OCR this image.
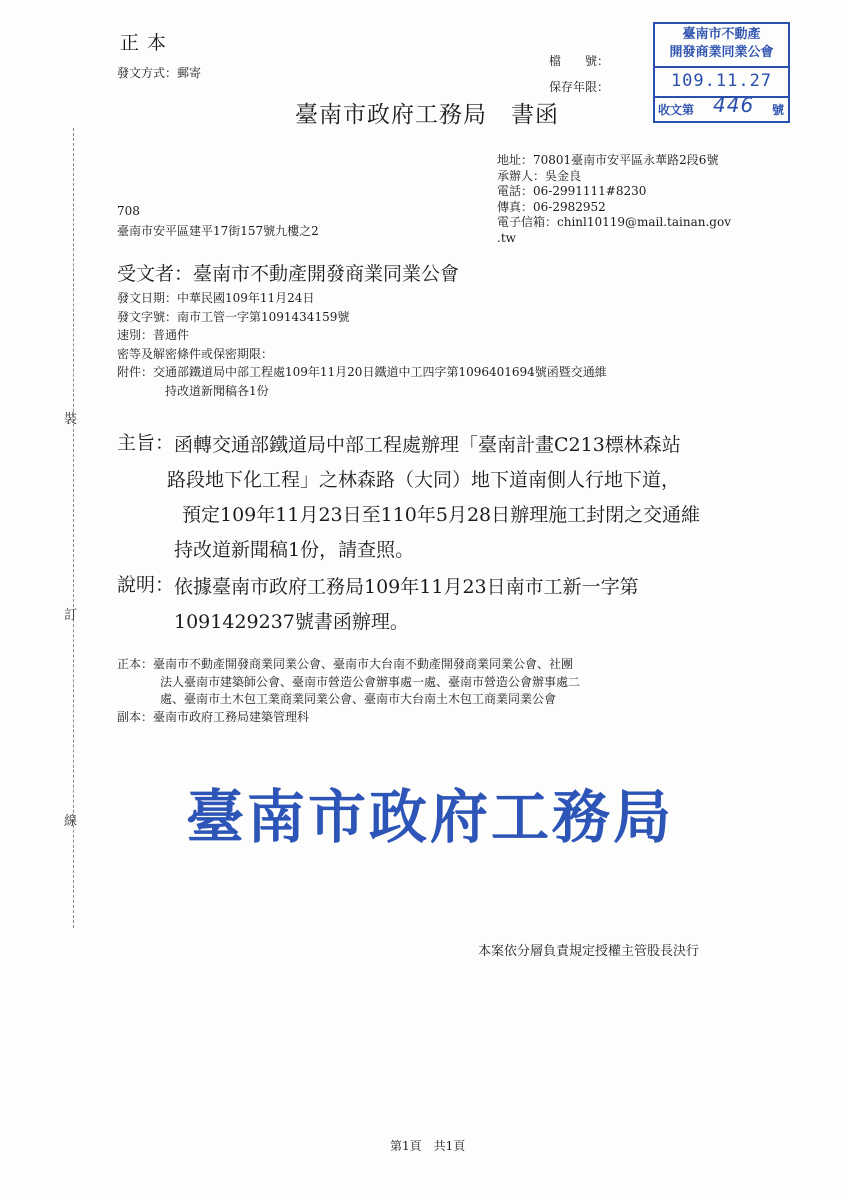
裝
訂
線
正 本
發文方式：郵寄
檔　　號：
保存年限：
臺南市不動產
開發商業同業公會
109.11.27
收文第 446 號
臺南市政府工務局　書函
地址：70801臺南市安平區永華路2段6號
承辦人：吳金良
電話：06-2991111#8230
傳真：06-2982952
電子信箱：chinl10119@mail.tainan.gov
.tw
708
臺南市安平區建平17街157號九樓之2
受文者：臺南市不動產開發商業同業公會
發文日期：中華民國109年11月24日
發文字號：南市工管一字第1091434159號
速別：普通件
密等及解密條件或保密期限：
附件：交通部鐵道局中部工程處109年11月20日鐵道中工四字第1096401694號函暨交通維
持改道新聞稿各1份
主旨： 函轉交通部鐵道局中部工程處辦理「臺南計畫C213標林森站
路段地下化工程」之林森路（大同）地下道南側人行地下道，
預定109年11月23日至110年5月28日辦理施工封閉之交通維
持改道新聞稿1份，請查照。
說明： 依據臺南市政府工務局109年11月23日南市工新一字第
1091429237號書函辦理。
正本：臺南市不動產開發商業同業公會、臺南市大台南不動產開發商業同業公會、社團
法人臺南市建築師公會、臺南市營造公會辦事處一處、臺南市營造公會辦事處二
處、臺南市土木包工業商業同業公會、臺南市大台南土木包工商業同業公會
副本：臺南市政府工務局建築管理科
臺南市政府工務局
本案依分層負責規定授權主管股長決行
第1頁　共1頁
